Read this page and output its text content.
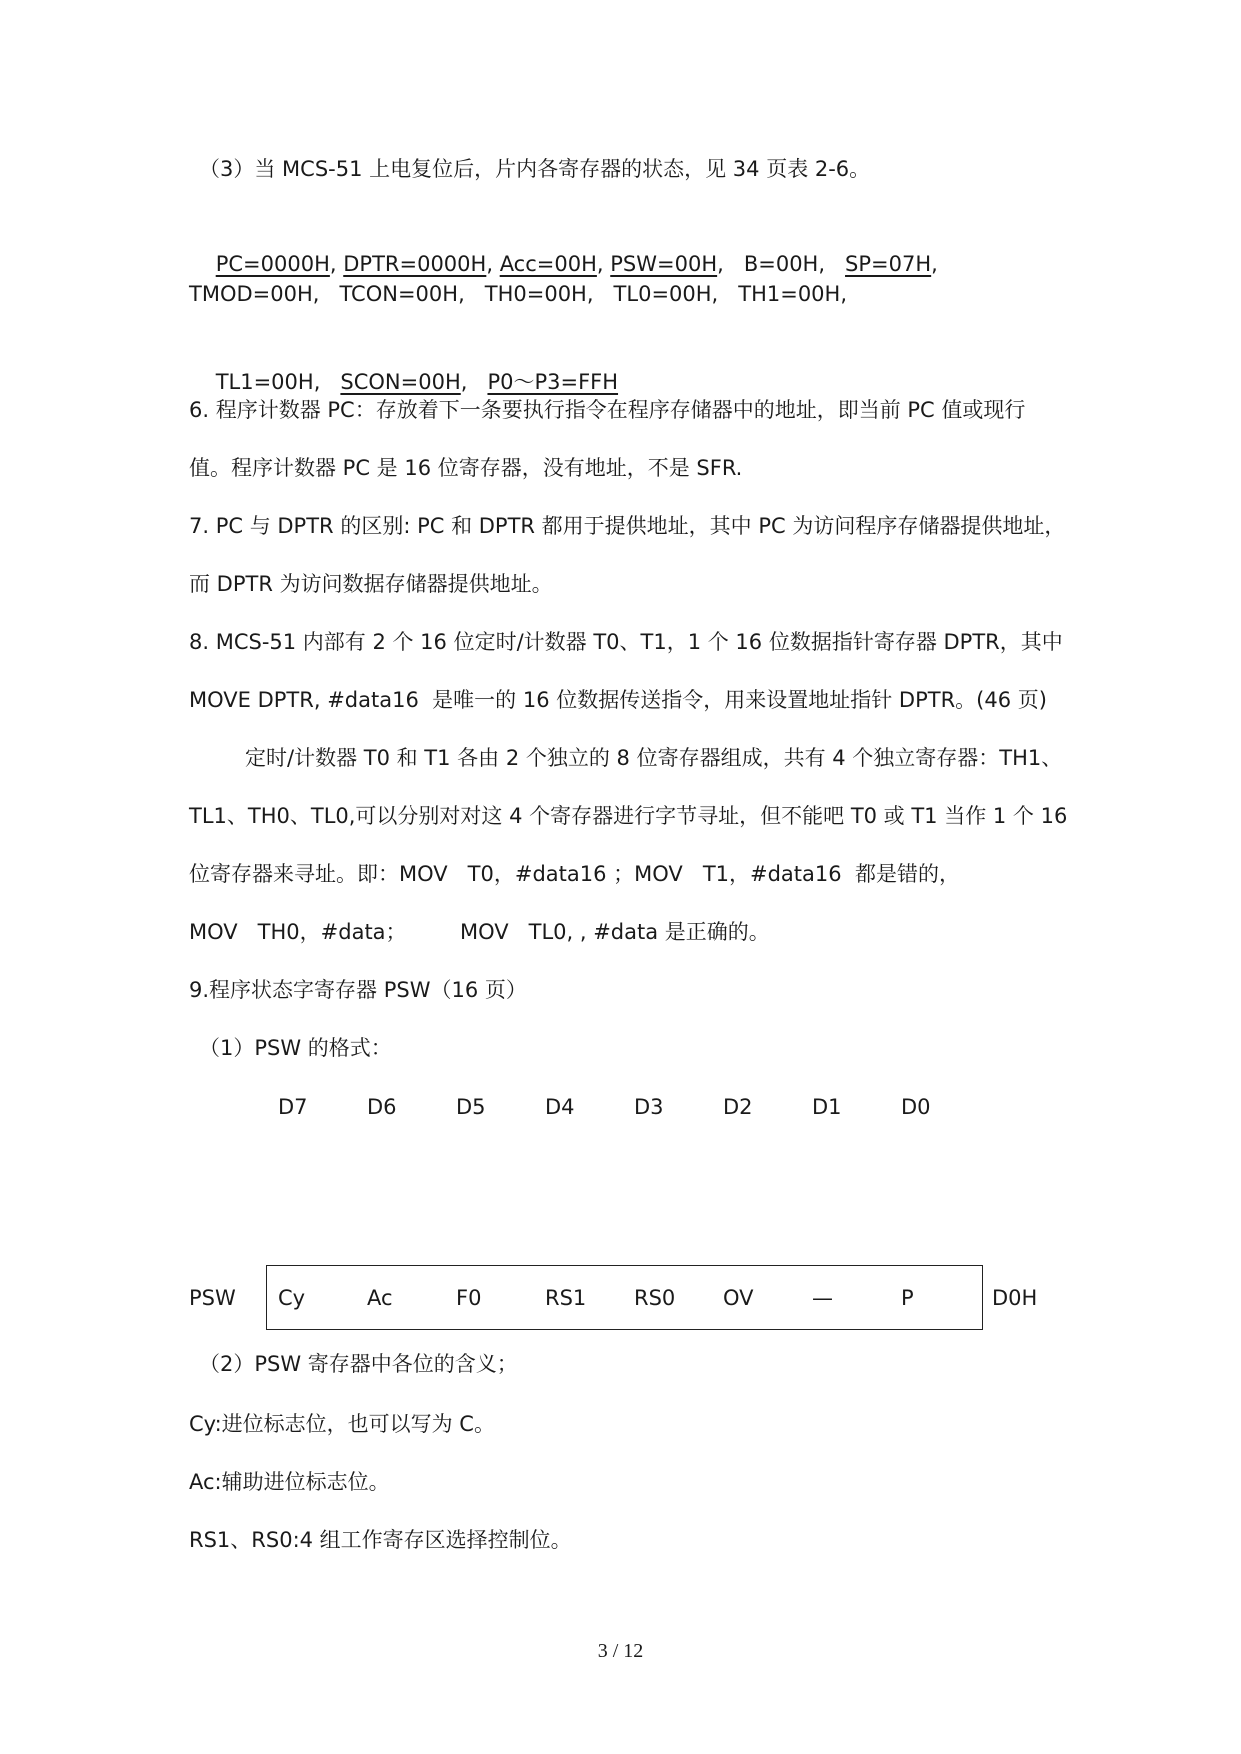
（3）当 MCS-51 上电复位后，片内各寄存器的状态，见 34 页表 2-6。

PC=0000H, DPTR=0000H, Acc=00H, PSW=00H,   B=00H,   SP=07H,

TMOD=00H,   TCON=00H,   TH0=00H,   TL0=00H,   TH1=00H,

TL1=00H,   SCON=00H,   P0～P3=FFH

6. 程序计数器 PC：存放着下一条要执行指令在程序存储器中的地址，即当前 PC 值或现行
值。程序计数器 PC 是 16 位寄存器，没有地址，不是 SFR.
7. PC 与 DPTR 的区别: PC 和 DPTR 都用于提供地址，其中 PC 为访问程序存储器提供地址，
而 DPTR 为访问数据存储器提供地址。
8. MCS-51 内部有 2 个 16 位定时/计数器 T0、T1，1 个 16 位数据指针寄存器 DPTR，其中
MOVE DPTR, #data16  是唯一的 16 位数据传送指令，用来设置地址指针 DPTR。(46 页)
定时/计数器 T0 和 T1 各由 2 个独立的 8 位寄存器组成，共有 4 个独立寄存器：TH1、
TL1、TH0、TL0,可以分别对对这 4 个寄存器进行字节寻址，但不能吧 T0 或 T1 当作 1 个 16
位寄存器来寻址。即：MOV   T0，#data16 ；MOV   T1，#data16  都是错的，
MOV   TH0，#data；        MOV   TL0, , #data 是正确的。
9.程序状态字寄存器 PSW（16 页）
（1）PSW 的格式：
D7	D6	D5	D4	D3	D2	D1	D0
PSW Cy	Ac	F0	RS1 RS0 OV	—	P	D0H
（2）PSW 寄存器中各位的含义；
Cy:进位标志位，也可以写为 C。
Ac:辅助进位标志位。
RS1、RS0:4 组工作寄存区选择控制位。
3 / 12
